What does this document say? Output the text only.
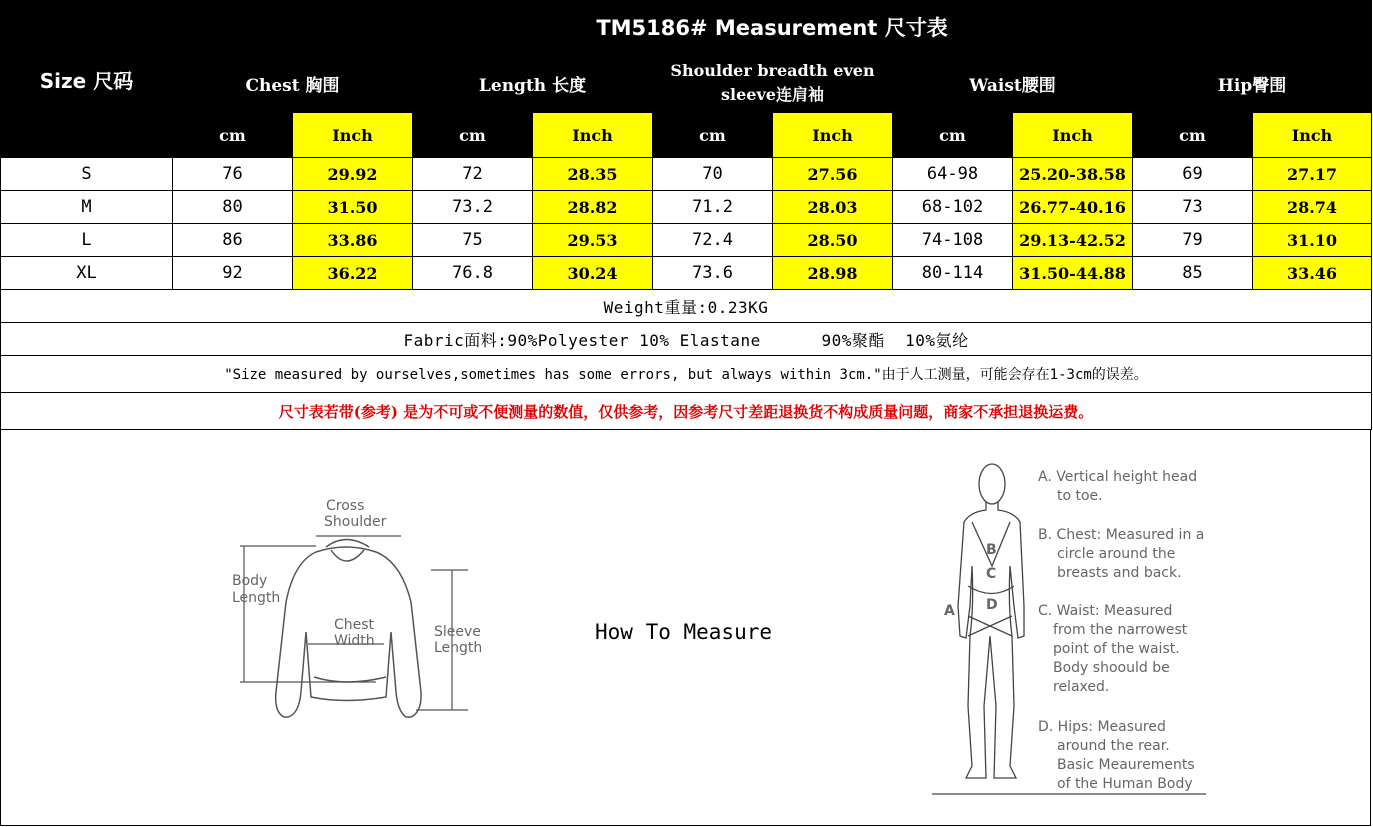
Size 尺码	TM5186# Measurement 尺寸表									
	Chest 胸围		Length 长度		Shoulder breadth even sleeve连肩袖		Waist腰围		Hip臀围	
	cm	Inch	cm	Inch	cm	Inch	cm	Inch	cm	Inch
S	76	29.92	72	28.35	70	27.56	64-98	25.20-38.58	69	27.17
M	80	31.50	73.2	28.82	71.2	28.03	68-102	26.77-40.16	73	28.74
L	86	33.86	75	29.53	72.4	28.50	74-108	29.13-42.52	79	31.10
XL	92	36.22	76.8	30.24	73.6	28.98	80-114	31.50-44.88	85	33.46
Weight重量:0.23KG										
Fabric面料:90%Polyester 10% Elastane      90%聚酯  10%氨纶										
"Size measured by ourselves,sometimes has some errors, but always within 3cm."由于人工测量，可能会存在1-3cm的误差。										
尺寸表若带(参考) 是为不可或不便测量的数值，仅供参考，因参考尺寸差距退换货不构成质量问题，商家不承担退换运费。										
Cross
Shoulder
Body
Length
Chest
Width
Sleeve
Length
How To Measure
B
C
D
A
A. Vertical height head
to toe.
B. Chest: Measured in a
circle around the
breasts and back.
C. Waist: Measured
from the narrowest
point of the waist.
Body shoould be
relaxed.
D. Hips: Measured
around the rear.
Basic Meaurements
of the Human Body
